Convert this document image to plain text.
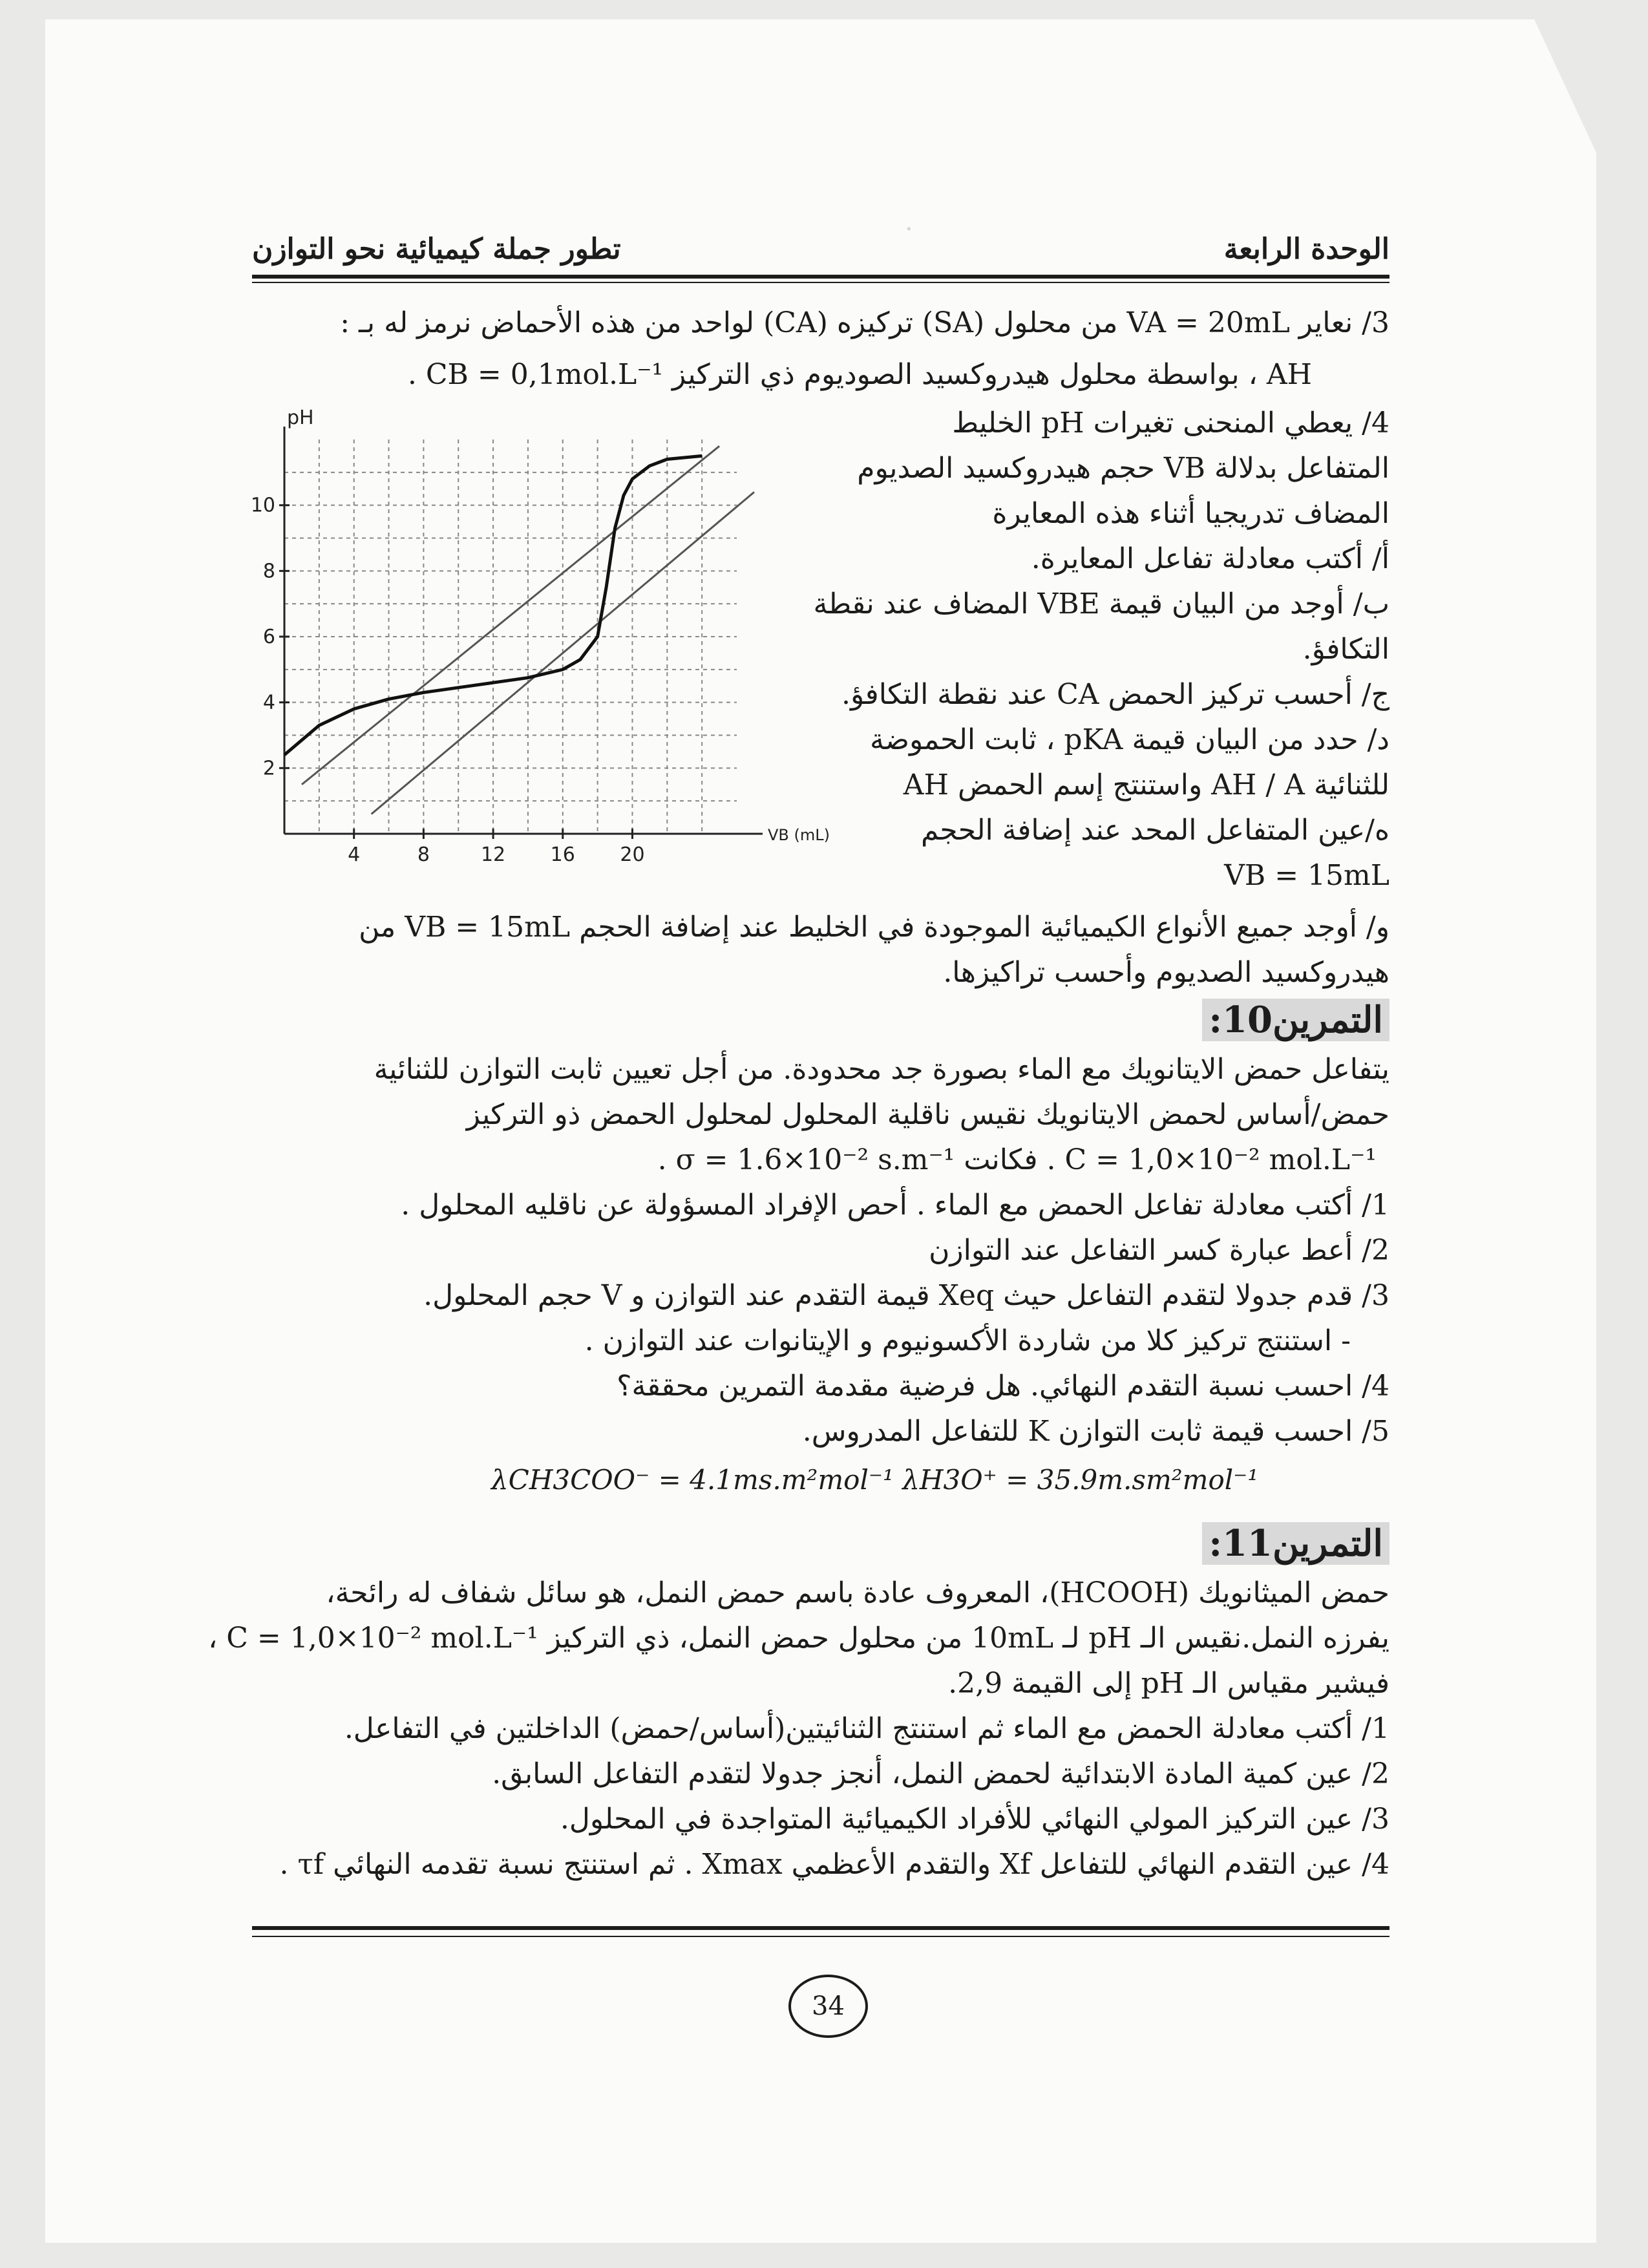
.
الوحدة الرابعة
تطور جملة كيميائية نحو التوازن
3/ نعاير VA = 20mL من محلول (SA) تركيزه (CA) لواحد من هذه الأحماض نرمز له بـ :
AH ، بواسطة محلول هيدروكسيد الصوديوم ذي التركيز CB = 0,1mol.L⁻¹ .
4/ يعطي المنحنى تغيرات pH الخليط
المتفاعل بدلالة VB حجم هيدروكسيد الصديوم
المضاف تدريجيا أثناء هذه المعايرة
أ/ أكتب معادلة تفاعل المعايرة.
ب/ أوجد من البيان قيمة VBE المضاف عند نقطة
التكافؤ.
ج/ أحسب تركيز الحمض CA عند نقطة التكافؤ.
د/ حدد من البيان قيمة pKA ، ثابت الحموضة
للثنائية AH / A واستنتج إسم الحمض AH
ه/عين المتفاعل المحد عند إضافة الحجم
VB = 15mL
و/ أوجد جميع الأنواع الكيميائية الموجودة في الخليط عند إضافة الحجم VB = 15mL من
هيدروكسيد الصديوم وأحسب تراكيزها.
4	8	12 16 20
2
4
6
8
10
pH
VB (mL)
التمرين10:
يتفاعل حمض الايتانويك مع الماء بصورة جد محدودة. من أجل تعيين ثابت التوازن للثنائية
حمض/أساس لحمض الايتانويك نقيس ناقلية المحلول لمحلول الحمض ذو التركيز
C = 1,0×10⁻² mol.L⁻¹ . فكانت σ = 1.6×10⁻² s.m⁻¹ .
1/ أكتب معادلة تفاعل الحمض مع الماء . أحص الإفراد المسؤولة عن ناقليه المحلول .
2/ أعط عبارة كسر التفاعل عند التوازن
3/ قدم جدولا لتقدم التفاعل حيث Xeq قيمة التقدم عند التوازن و V حجم المحلول.
- استنتج تركيز كلا من شاردة الأكسونيوم و الإيتانوات عند التوازن .
4/ احسب نسبة التقدم النهائي. هل فرضية مقدمة التمرين محققة؟
5/ احسب قيمة ثابت التوازن K للتفاعل المدروس.
λCH3COO⁻ = 4.1ms.m²mol⁻¹ λH3O⁺ = 35.9m.sm²mol⁻¹
التمرين11:
حمض الميثانويك (HCOOH)، المعروف عادة باسم حمض النمل، هو سائل شفاف له رائحة،
يفرزه النمل.نقيس الـ pH لـ 10mL من محلول حمض النمل، ذي التركيز C = 1,0×10⁻² mol.L⁻¹ ،
فيشير مقياس الـ pH إلى القيمة 2,9.
1/ أكتب معادلة الحمض مع الماء ثم استنتج الثنائيتين(أساس/حمض) الداخلتين في التفاعل.
2/ عين كمية المادة الابتدائية لحمض النمل، أنجز جدولا لتقدم التفاعل السابق.
3/ عين التركيز المولي النهائي للأفراد الكيميائية المتواجدة في المحلول.
4/ عين التقدم النهائي للتفاعل Xf والتقدم الأعظمي Xmax . ثم استنتج نسبة تقدمه النهائي τf .
34
